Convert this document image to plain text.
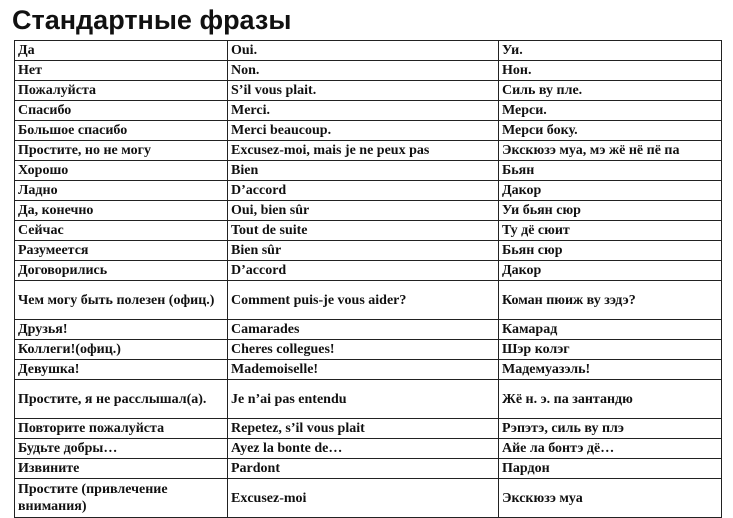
Стандартные фразы
Да	Oui.	Уи.
Нет	Non.	Нон.
Пожалуйста	S’il vous plait.	Силь ву пле.
Спасибо	Merci.	Мерси.
Большое спасибо	Merci beaucoup.	Мерси боку.
Простите, но не могу	Excusez-moi, mais je ne peux pas	Экскюзэ муа, мэ жё нё пё па
Хорошо	Bien	Бьян
Ладно	D’accord	Дакор
Да, конечно	Oui, bien sûr	Уи бьян сюр
Сейчас	Tout de suite	Ту дё сюит
Разумеется	Bien sûr	Бьян сюр
Договорились	D’accord	Дакор
Чем могу быть полезен (офиц.)	Comment puis-je vous aider?	Коман пюиж ву зэдэ?
Друзья!	Camarades	Камарад
Коллеги!(офиц.)	Cheres collegues!	Шэр колэг
Девушка!	Mademoiselle!	Мадемуазэль!
Простите, я не расслышал(а).	Je n’ai pas entendu	Жё н. э. па зантандю
Повторите пожалуйста	Repetez, s’il vous plait	Рэпэтэ, силь ву плэ
Будьте добры…	Ayez la bonte de…	Айе ла бонтэ дё…
Извините	Pardont	Пардон
Простите (привлечение внимания)	Excusez-moi	Экскюзэ муа
